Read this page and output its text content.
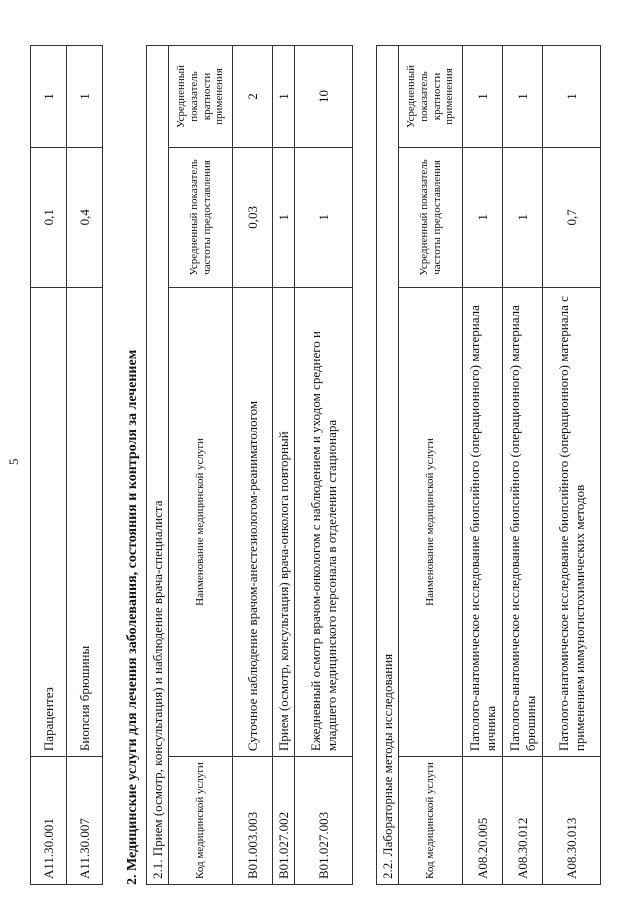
5
A11.30.001	Парацентез	0,1	1
A11.30.007	Биопсия брюшины	0,4	1
2. Медицинские услуги для лечения заболевания, состояния и контроля за лечением 2.1. Прием (осмотр, консультация) и наблюдение врача-специалиста			
Код медицинской услуги	Наименование медицинской услуги	Усредненный показатель частоты предоставления	Усредненный показатель кратности применения
B01.003.003	Суточное наблюдение врачом-анестезиологом-реаниматологом	0,03	2
B01.027.002	Прием (осмотр, консультация) врача-онколога повторный	1	1
B01.027.003	Ежедневный осмотр врачом-онкологом с наблюдением и уходом среднего и младшего медицинского персонала в отделении стационара	1	10
2.2. Лабораторные методы исследования			
Код медицинской услуги	Наименование медицинской услуги	Усредненный показатель частоты предоставления	Усредненный показатель кратности применения
A08.20.005	Патолого-анатомическое исследование биопсийного (операционного) материала яичника	1	1
A08.30.012	Патолого-анатомическое исследование биопсийного (операционного) материала брюшины	1	1
A08.30.013	Патолого-анатомическое исследование биопсийного (операционного) материала с применением иммуногистохимических методов	0,7	1
